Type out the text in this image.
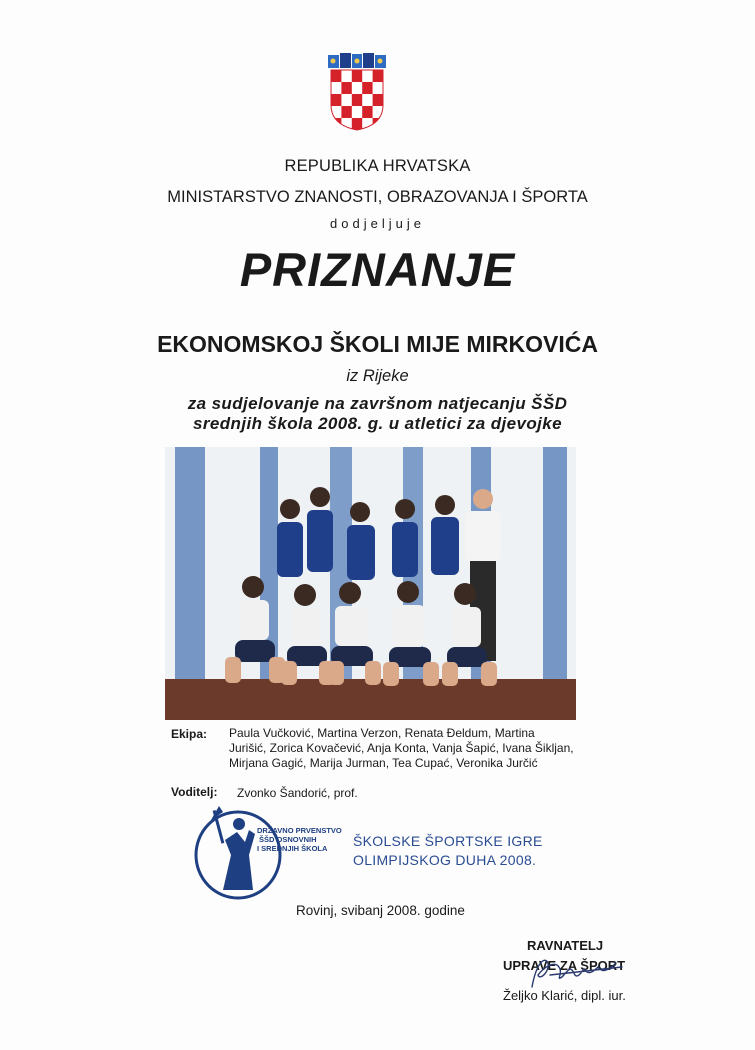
REPUBLIKA HRVATSKA
MINISTARSTVO ZNANOSTI, OBRAZOVANJA I ŠPORTA
dodjeljuje
PRIZNANJE
EKONOMSKOJ ŠKOLI MIJE MIRKOVIĆA
iz Rijeke
za sudjelovanje na završnom natjecanju ŠŠD
srednjih škola 2008. g. u atletici za djevojke
Ekipa: Paula Vučković, Martina Verzon, Renata Đeldum, Martina Jurišić, Zorica Kovačević, Anja Konta, Vanja Šapić, Ivana Šikljan, Mirjana Gagić, Marija Jurman, Tea Cupać, Veronika Jurčić
Voditelj: Zvonko Šandorić, prof.
DRŽAVNO PRVENSTVO
ŠŠD OSNOVNIH
I SREDNJIH ŠKOLA ŠKOLSKE ŠPORTSKE IGRE
OLIMPIJSKOG DUHA 2008.
Rovinj, svibanj 2008. godine
RAVNATELJ
UPRAVE ZA ŠPORT
Željko Klarić, dipl. iur.
